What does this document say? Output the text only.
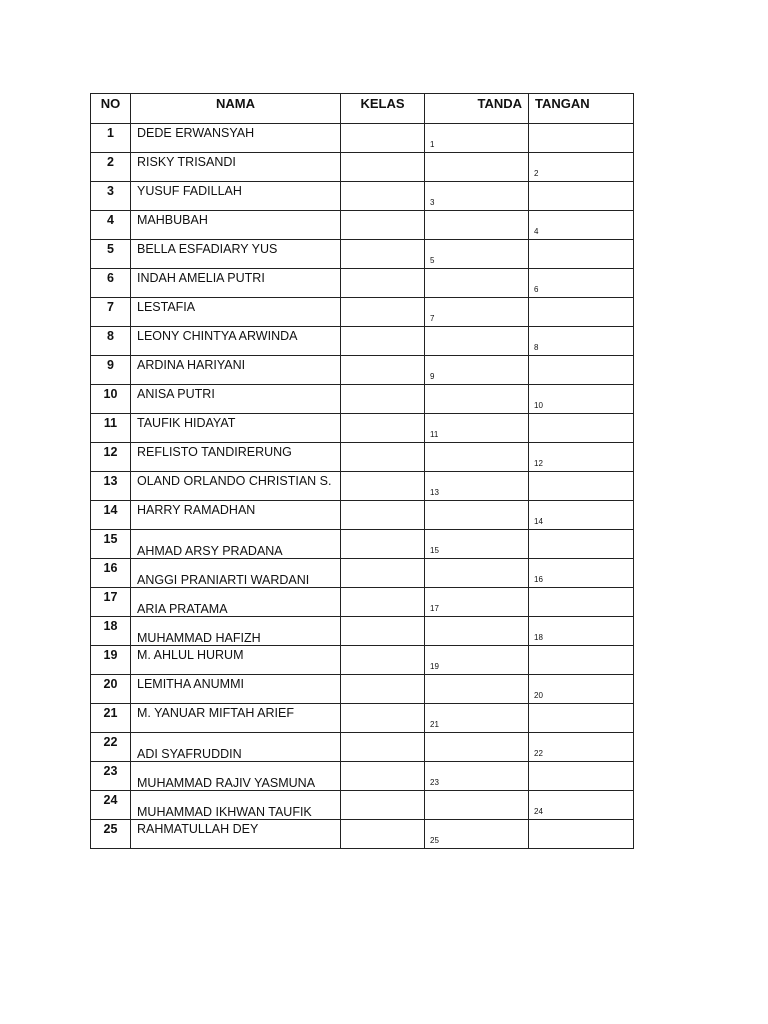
NO	NAMA	KELAS	TANDA	TANGAN

1	DEDE ERWANSYAH		1	

2	RISKY TRISANDI			2

3	YUSUF FADILLAH		3	

4	MAHBUBAH			4

5	BELLA ESFADIARY YUS		5	

6	INDAH AMELIA PUTRI			6

7	LESTAFIA		7	

8	LEONY CHINTYA ARWINDA			8

9	ARDINA HARIYANI		9	

10	ANISA PUTRI			10

11	TAUFIK HIDAYAT		11	

12	REFLISTO TANDIRERUNG			12

13	OLAND ORLANDO CHRISTIAN S.		13	

14	HARRY RAMADHAN			14

15	AHMAD ARSY PRADANA		15	

16	ANGGI PRANIARTI WARDANI			16

17	ARIA PRATAMA		17	

18	MUHAMMAD HAFIZH			18

19	M. AHLUL HURUM		19	

20	LEMITHA ANUMMI			20

21	M. YANUAR MIFTAH ARIEF		21	

22	ADI SYAFRUDDIN			22

23	MUHAMMAD RAJIV YASMUNA		23	

24	MUHAMMAD IKHWAN TAUFIK			24

25	RAHMATULLAH DEY		25	
